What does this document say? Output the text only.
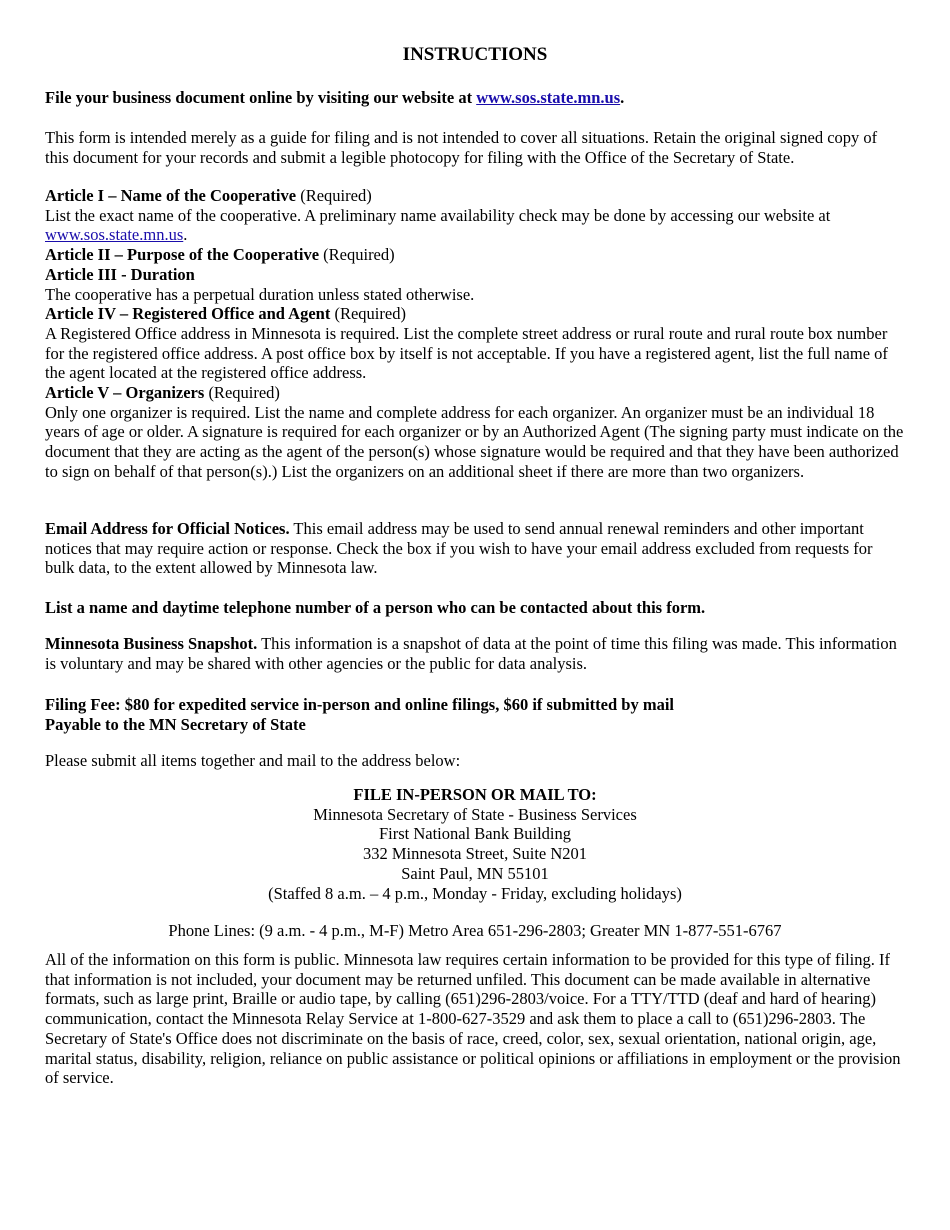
INSTRUCTIONS

File your business document online by visiting our website at www.sos.state.mn.us.

This form is intended merely as a guide for filing and is not intended to cover all situations. Retain the original signed copy of this document for your records and submit a legible photocopy for filing with the Office of the Secretary of State.

Article I – Name of the Cooperative (Required)
List the exact name of the cooperative. A preliminary name availability check may be done by accessing our website at www.sos.state.mn.us.
Article II – Purpose of the Cooperative (Required)
Article III - Duration
The cooperative has a perpetual duration unless stated otherwise.
Article IV – Registered Office and Agent (Required)
A Registered Office address in Minnesota is required. List the complete street address or rural route and rural route box number for the registered office address. A post office box by itself is not acceptable. If you have a registered agent, list the full name of the agent located at the registered office address.
Article V – Organizers (Required)
Only one organizer is required. List the name and complete address for each organizer. An organizer must be an individual 18 years of age or older. A signature is required for each organizer or by an Authorized Agent (The signing party must indicate on the document that they are acting as the agent of the person(s) whose signature would be required and that they have been authorized to sign on behalf of that person(s).) List the organizers on an additional sheet if there are more than two organizers.

Email Address for Official Notices. This email address may be used to send annual renewal reminders and other important notices that may require action or response. Check the box if you wish to have your email address excluded from requests for bulk data, to the extent allowed by Minnesota law.

List a name and daytime telephone number of a person who can be contacted about this form.

Minnesota Business Snapshot. This information is a snapshot of data at the point of time this filing was made. This information is voluntary and may be shared with other agencies or the public for data analysis.

Filing Fee: $80 for expedited service in-person and online filings, $60 if submitted by mail
Payable to the MN Secretary of State

Please submit all items together and mail to the address below:

FILE IN-PERSON OR MAIL TO:
Minnesota Secretary of State - Business Services
First National Bank Building
332 Minnesota Street, Suite N201
Saint Paul, MN 55101
(Staffed 8 a.m. – 4 p.m., Monday - Friday, excluding holidays)

Phone Lines: (9 a.m. - 4 p.m., M-F) Metro Area 651-296-2803; Greater MN 1-877-551-6767

All of the information on this form is public. Minnesota law requires certain information to be provided for this type of filing. If that information is not included, your document may be returned unfiled. This document can be made available in alternative formats, such as large print, Braille or audio tape, by calling (651)296-2803/voice. For a TTY/TTD (deaf and hard of hearing) communication, contact the Minnesota Relay Service at 1-800-627-3529 and ask them to place a call to (651)296-2803. The Secretary of State's Office does not discriminate on the basis of race, creed, color, sex, sexual orientation, national origin, age, marital status, disability, religion, reliance on public assistance or political opinions or affiliations in employment or the provision of service.
